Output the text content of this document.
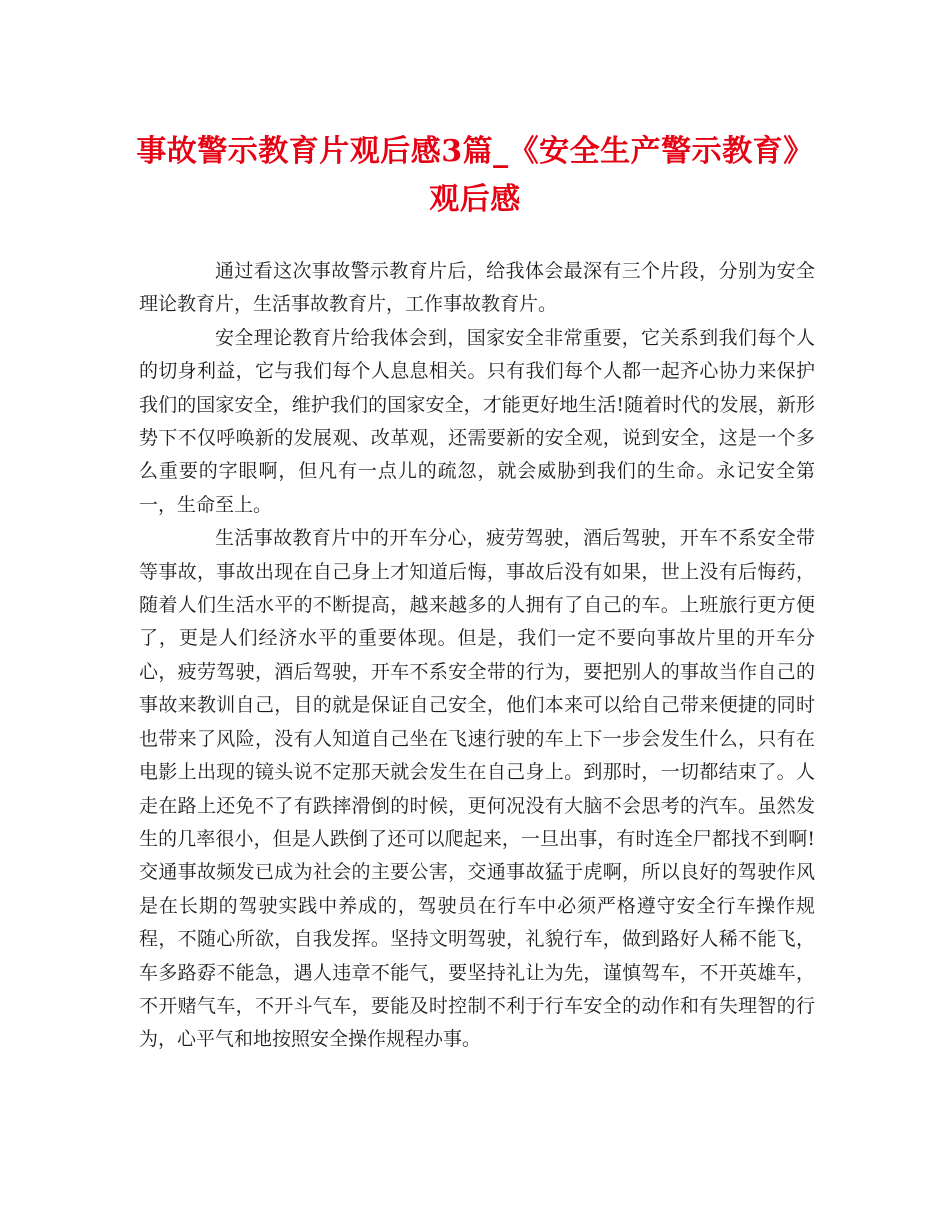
事故警示教育片观后感3篇_《安全生产警示教育》观后感

通过看这次事故警示教育片后，给我体会最深有三个片段，分别为安全理论教育片，生活事故教育片，工作事故教育片。

安全理论教育片给我体会到，国家安全非常重要，它关系到我们每个人的切身利益，它与我们每个人息息相关。只有我们每个人都一起齐心协力来保护我们的国家安全，维护我们的国家安全，才能更好地生活!随着时代的发展，新形势下不仅呼唤新的发展观、改革观，还需要新的安全观，说到安全，这是一个多么重要的字眼啊，但凡有一点儿的疏忽，就会威胁到我们的生命。永记安全第一，生命至上。

生活事故教育片中的开车分心，疲劳驾驶，酒后驾驶，开车不系安全带等事故，事故出现在自己身上才知道后悔，事故后没有如果，世上没有后悔药，随着人们生活水平的不断提高，越来越多的人拥有了自己的车。上班旅行更方便了，更是人们经济水平的重要体现。但是，我们一定不要向事故片里的开车分心，疲劳驾驶，酒后驾驶，开车不系安全带的行为，要把别人的事故当作自己的事故来教训自己，目的就是保证自己安全，他们本来可以给自己带来便捷的同时也带来了风险，没有人知道自己坐在飞速行驶的车上下一步会发生什么，只有在电影上出现的镜头说不定那天就会发生在自己身上。到那时，一切都结束了。人走在路上还免不了有跌摔滑倒的时候，更何况没有大脑不会思考的汽车。虽然发生的几率很小，但是人跌倒了还可以爬起来，一旦出事，有时连全尸都找不到啊!交通事故频发已成为社会的主要公害，交通事故猛于虎啊，所以良好的驾驶作风是在长期的驾驶实践中养成的，驾驶员在行车中必须严格遵守安全行车操作规程，不随心所欲，自我发挥。坚持文明驾驶，礼貌行车，做到路好人稀不能飞，车多路孬不能急，遇人违章不能气，要坚持礼让为先，谨慎驾车，不开英雄车，不开赌气车，不开斗气车，要能及时控制不利于行车安全的动作和有失理智的行为，心平气和地按照安全操作规程办事。
